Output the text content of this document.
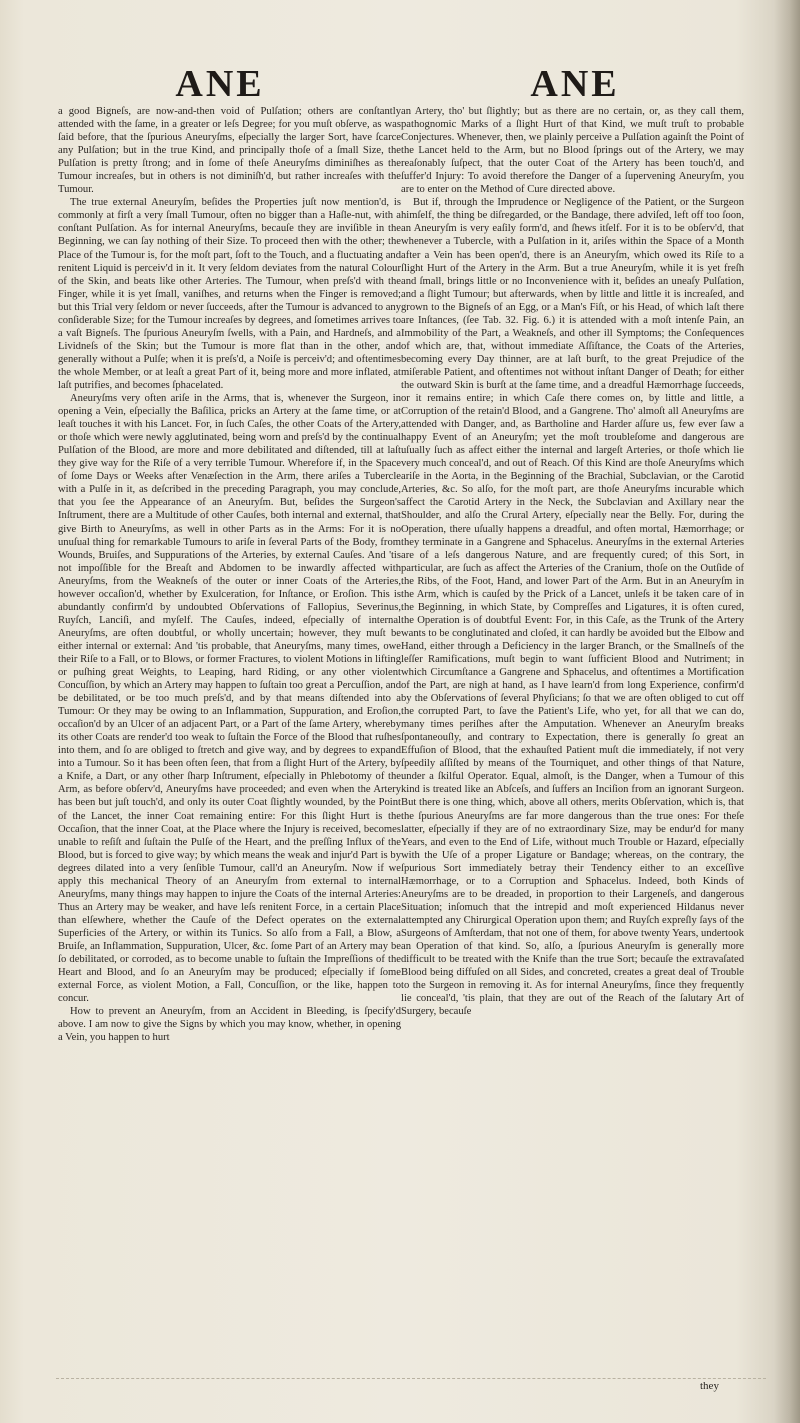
ANE	ANE

a good Bigneſs, are now-and-then void of Pulſation; others are conſtantly attended with the ſame, in a greater or leſs Degree; for you muſt obſerve, as was ſaid before, that the ſpurious Aneuryſms, eſpecially the larger Sort, have ſcarce any Pulſation; but in the true Kind, and principally thoſe of a ſmall Size, the Pulſation is pretty ſtrong; and in ſome of theſe Aneuryſms diminiſhes as the Tumour increaſes, but in others is not diminiſh'd, but rather increaſes with the Tumour.

The true external Aneuryſm, beſides the Properties juſt now mention'd, is commonly at firſt a very ſmall Tumour, often no bigger than a Haſle-nut, with a conſtant Pulſation. As for internal Aneuryſms, becauſe they are inviſible in the Beginning, we can ſay nothing of their Size. To proceed then with the other; the Place of the Tumour is, for the moſt part, ſoft to the Touch, and a fluctuating and renitent Liquid is perceiv'd in it. It very ſeldom deviates from the natural Colour of the Skin, and beats like other Arteries. The Tumour, when preſs'd with the Finger, while it is yet ſmall, vaniſhes, and returns when the Finger is removed; but this Trial very ſeldom or never ſucceeds, after the Tumour is advanced to any conſiderable Size; for the Tumour increaſes by degrees, and ſometimes arrives to a vaſt Bigneſs. The ſpurious Aneuryſm ſwells, with a Pain, and Hardneſs, and a Lividneſs of the Skin; but the Tumour is more flat than in the other, and generally without a Pulſe; when it is preſs'd, a Noiſe is perceiv'd; and oftentimes the whole Member, or at leaſt a great Part of it, being more and more inflated, at laſt putrifies, and becomes ſphacelated.

Aneuryſms very often ariſe in the Arms, that is, whenever the Surgeon, in opening a Vein, eſpecially the Baſilica, pricks an Artery at the ſame time, or at leaſt touches it with his Lancet. For, in ſuch Caſes, the other Coats of the Artery, or thoſe which were newly agglutinated, being worn and preſs'd by the continual Pulſation of the Blood, are more and more debilitated and diſtended, till at laſt they give way for the Riſe of a very terrible Tumour. Wherefore if, in the Space of ſome Days or Weeks after Venæſection in the Arm, there ariſes a Tubercle with a Pulſe in it, as deſcribed in the preceding Paragraph, you may conclude, that you ſee the Appearance of an Aneuryſm. But, beſides the Surgeon's Inſtrument, there are a Multitude of other Cauſes, both internal and external, that give Birth to Aneuryſms, as well in other Parts as in the Arms: For it is no unuſual thing for remarkable Tumours to ariſe in ſeveral Parts of the Body, from Wounds, Bruiſes, and Suppurations of the Arteries, by external Cauſes. And 'tis not impoſſible for the Breaſt and Abdomen to be inwardly affected with Aneuryſms, from the Weakneſs of the outer or inner Coats of the Arteries, however occaſion'd, whether by Exulceration, for Inſtance, or Eroſion. This is abundantly confirm'd by undoubted Obſervations of Fallopius, Severinus, Ruyſch, Lanciſi, and myſelf. The Cauſes, indeed, eſpecially of internal Aneuryſms, are often doubtful, or wholly uncertain; however, they muſt be either internal or external: And 'tis probable, that Aneuryſms, many times, owe their Riſe to a Fall, or to Blows, or former Fractures, to violent Motions in lifting or puſhing great Weights, to Leaping, hard Riding, or any other violent Concuſſion, by which an Artery may happen to ſuſtain too great a Percuſſion, and be debilitated, or be too much preſs'd, and by that means diſtended into a Tumour: Or they may be owing to an Inflammation, Suppuration, and Eroſion, occaſion'd by an Ulcer of an adjacent Part, or a Part of the ſame Artery, whereby its other Coats are render'd too weak to ſuſtain the Force of the Blood that ruſhes into them, and ſo are obliged to ſtretch and give way, and by degrees to expand into a Tumour. So it has been often ſeen, that from a ſlight Hurt of the Artery, by a Knife, a Dart, or any other ſharp Inſtrument, eſpecially in Phlebotomy of the Arm, as before obſerv'd, Aneuryſms have proceeded; and even when the Artery has been but juſt touch'd, and only its outer Coat ſlightly wounded, by the Point of the Lancet, the inner Coat remaining entire: For this ſlight Hurt is the Occaſion, that the inner Coat, at the Place where the Injury is received, becomes unable to reſiſt and ſuſtain the Pulſe of the Heart, and the preſſing Influx of the Blood, but is forced to give way; by which means the weak and injur'd Part is by degrees dilated into a very ſenſible Tumour, call'd an Aneuryſm. Now if we apply this mechanical Theory of an Aneuryſm from external to internal Aneuryſms, many things may happen to injure the Coats of the internal Arteries: Thus an Artery may be weaker, and have leſs renitent Force, in a certain Place than elſewhere, whether the Cauſe of the Defect operates on the external Superficies of the Artery, or within its Tunics. So alſo from a Fall, a Blow, a Bruiſe, an Inflammation, Suppuration, Ulcer, &c. ſome Part of an Artery may be ſo debilitated, or corroded, as to become unable to ſuſtain the Impreſſions of the Heart and Blood, and ſo an Aneuryſm may be produced; eſpecially if ſome external Force, as violent Motion, a Fall, Concuſſion, or the like, happen to concur.

How to prevent an Aneuryſm, from an Accident in Bleeding, is ſpecify'd above. I am now to give the Signs by which you may know, whether, in opening a Vein, you happen to hurt

an Artery, tho' but ſlightly; but as there are no certain, or, as they call them, pathognomic Marks of a ſlight Hurt of that Kind, we muſt truſt to probable Conjectures. Whenever, then, we plainly perceive a Pulſation againſt the Point of the Lancet held to the Arm, but no Blood ſprings out of the Artery, we may reaſonably ſuſpect, that the outer Coat of the Artery has been touch'd, and ſuffer'd Injury: To avoid therefore the Danger of a ſupervening Aneuryſm, you are to enter on the Method of Cure directed above.

But if, through the Imprudence or Negligence of the Patient, or the Surgeon himſelf, the thing be diſregarded, or the Bandage, there adviſed, left off too ſoon, an Aneuryſm is very eaſily form'd, and ſhews itſelf. For it is to be obſerv'd, that whenever a Tubercle, with a Pulſation in it, ariſes within the Space of a Month after a Vein has been open'd, there is an Aneuryſm, which owed its Riſe to a ſlight Hurt of the Artery in the Arm. But a true Aneuryſm, while it is yet freſh and ſmall, brings little or no Inconvenience with it, beſides an uneaſy Pulſation, and a ſlight Tumour; but afterwards, when by little and little it is increaſed, and grown to the Bigneſs of an Egg, or a Man's Fiſt, or his Head, of which laſt there are Inſtances, (ſee Tab. 32. Fig. 6.) it is attended with a moſt intenſe Pain, an Immobility of the Part, a Weakneſs, and other ill Symptoms; the Conſequences of which are, that, without immediate Aſſiſtance, the Coats of the Arteries, becoming every Day thinner, are at laſt burſt, to the great Prejudice of the miſerable Patient, and oftentimes not without inſtant Danger of Death; for either the outward Skin is burſt at the ſame time, and a dreadful Hæmorrhage ſucceeds, or it remains entire; in which Caſe there comes on, by little and little, a Corruption of the retain'd Blood, and a Gangrene. Tho' almoſt all Aneuryſms are attended with Danger, and, as Bartholine and Harder aſſure us, few ever ſaw a happy Event of an Aneuryſm; yet the moſt troubleſome and dangerous are uſually ſuch as affect either the internal and largeſt Arteries, or thoſe which lie very much conceal'd, and out of Reach. Of this Kind are thoſe Aneuryſms which ariſe in the Aorta, in the Beginning of the Brachial, Subclavian, or the Carotid Arteries, &c. So alſo, for the moſt part, are thoſe Aneuryſms incurable which affect the Carotid Artery in the Neck, the Subclavian and Axillary near the Shoulder, and alſo the Crural Artery, eſpecially near the Belly. For, during the Operation, there uſually happens a dreadful, and often mortal, Hæmorrhage; or they terminate in a Gangrene and Sphacelus. Aneuryſms in the external Arteries are of a leſs dangerous Nature, and are frequently cured; of this Sort, in particular, are ſuch as affect the Arteries of the Cranium, thoſe on the Outſide of the Ribs, of the Foot, Hand, and lower Part of the Arm. But in an Aneuryſm in the Arm, which is cauſed by the Prick of a Lancet, unleſs it be taken care of in the Beginning, in which State, by Compreſſes and Ligatures, it is often cured, the Operation is of doubtful Event: For, in this Caſe, as the Trunk of the Artery wants to be conglutinated and cloſed, it can hardly be avoided but the Elbow and Hand, either through a Deficiency in the larger Branch, or the Smallneſs of the leſſer Ramifications, muſt begin to want ſufficient Blood and Nutriment; in which Circumſtance a Gangrene and Sphacelus, and oftentimes a Mortification of the Part, are nigh at hand, as I have learn'd from long Experience, confirm'd by the Obſervations of ſeveral Phyſicians; ſo that we are often obliged to cut off the corrupted Part, to ſave the Patient's Life, who yet, for all that we can do, many times periſhes after the Amputation. Whenever an Aneuryſm breaks ſpontaneouſly, and contrary to Expectation, there is generally ſo great an Effuſion of Blood, that the exhauſted Patient muſt die immediately, if not very ſpeedily aſſiſted by means of the Tourniquet, and other things of that Nature, under a ſkilful Operator. Equal, almoſt, is the Danger, when a Tumour of this kind is treated like an Abſceſs, and ſuffers an Inciſion from an ignorant Surgeon. But there is one thing, which, above all others, merits Obſervation, which is, that the ſpurious Aneuryſms are far more dangerous than the true ones: For theſe latter, eſpecially if they are of no extraordinary Size, may be endur'd for many Years, and even to the End of Life, without much Trouble or Hazard, eſpecially with the Uſe of a proper Ligature or Bandage; whereas, on the contrary, the ſpurious Sort immediately betray their Tendency either to an exceſſive Hæmorrhage, or to a Corruption and Sphacelus. Indeed, both Kinds of Aneuryſms are to be dreaded, in proportion to their Largeneſs, and dangerous Situation; inſomuch that the intrepid and moſt experienced Hildanus never attempted any Chirurgical Operation upon them; and Ruyſch expreſly ſays of the Surgeons of Amſterdam, that not one of them, for above twenty Years, undertook an Operation of that kind. So, alſo, a ſpurious Aneuryſm is generally more difficult to be treated with the Knife than the true Sort; becauſe the extravaſated Blood being diffuſed on all Sides, and concreted, creates a great deal of Trouble to the Surgeon in removing it. As for internal Aneuryſms, ſince they frequently lie conceal'd, 'tis plain, that they are out of the Reach of the ſalutary Art of Surgery, becauſe

they
